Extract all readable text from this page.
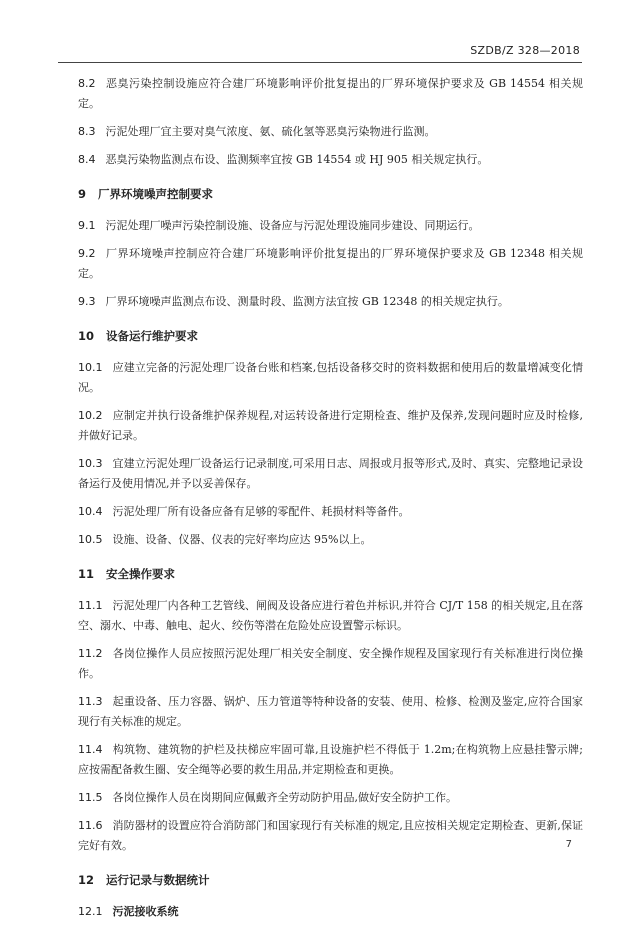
SZDB/Z 328—2018
8.2 恶臭污染控制设施应符合建厂环境影响评价批复提出的厂界环境保护要求及 GB 14554 相关规定。
8.3 污泥处理厂宜主要对臭气浓度、氨、硫化氢等恶臭污染物进行监测。
8.4 恶臭污染物监测点布设、监测频率宜按 GB 14554 或 HJ 905 相关规定执行。
9 厂界环境噪声控制要求
9.1 污泥处理厂噪声污染控制设施、设备应与污泥处理设施同步建设、同期运行。
9.2 厂界环境噪声控制应符合建厂环境影响评价批复提出的厂界环境保护要求及 GB 12348 相关规定。
9.3 厂界环境噪声监测点布设、测量时段、监测方法宜按 GB 12348 的相关规定执行。
10 设备运行维护要求
10.1 应建立完备的污泥处理厂设备台账和档案,包括设备移交时的资料数据和使用后的数量增减变化情况。
10.2 应制定并执行设备维护保养规程,对运转设备进行定期检查、维护及保养,发现问题时应及时检修,并做好记录。
10.3 宜建立污泥处理厂设备运行记录制度,可采用日志、周报或月报等形式,及时、真实、完整地记录设备运行及使用情况,并予以妥善保存。
10.4 污泥处理厂所有设备应备有足够的零配件、耗损材料等备件。
10.5 设施、设备、仪器、仪表的完好率均应达 95%以上。
11 安全操作要求
11.1 污泥处理厂内各种工艺管线、闸阀及设备应进行着色并标识,并符合 CJ/T 158 的相关规定,且在落空、溺水、中毒、触电、起火、绞伤等潜在危险处应设置警示标识。
11.2 各岗位操作人员应按照污泥处理厂相关安全制度、安全操作规程及国家现行有关标准进行岗位操作。
11.3 起重设备、压力容器、锅炉、压力管道等特种设备的安装、使用、检修、检测及鉴定,应符合国家现行有关标准的规定。
11.4 构筑物、建筑物的护栏及扶梯应牢固可靠,且设施护栏不得低于 1.2m;在构筑物上应悬挂警示牌;应按需配备救生圈、安全绳等必要的救生用品,并定期检查和更换。
11.5 各岗位操作人员在岗期间应佩戴齐全劳动防护用品,做好安全防护工作。
11.6 消防器材的设置应符合消防部门和国家现行有关标准的规定,且应按相关规定定期检查、更新,保证完好有效。
12 运行记录与数据统计
12.1 污泥接收系统
7
